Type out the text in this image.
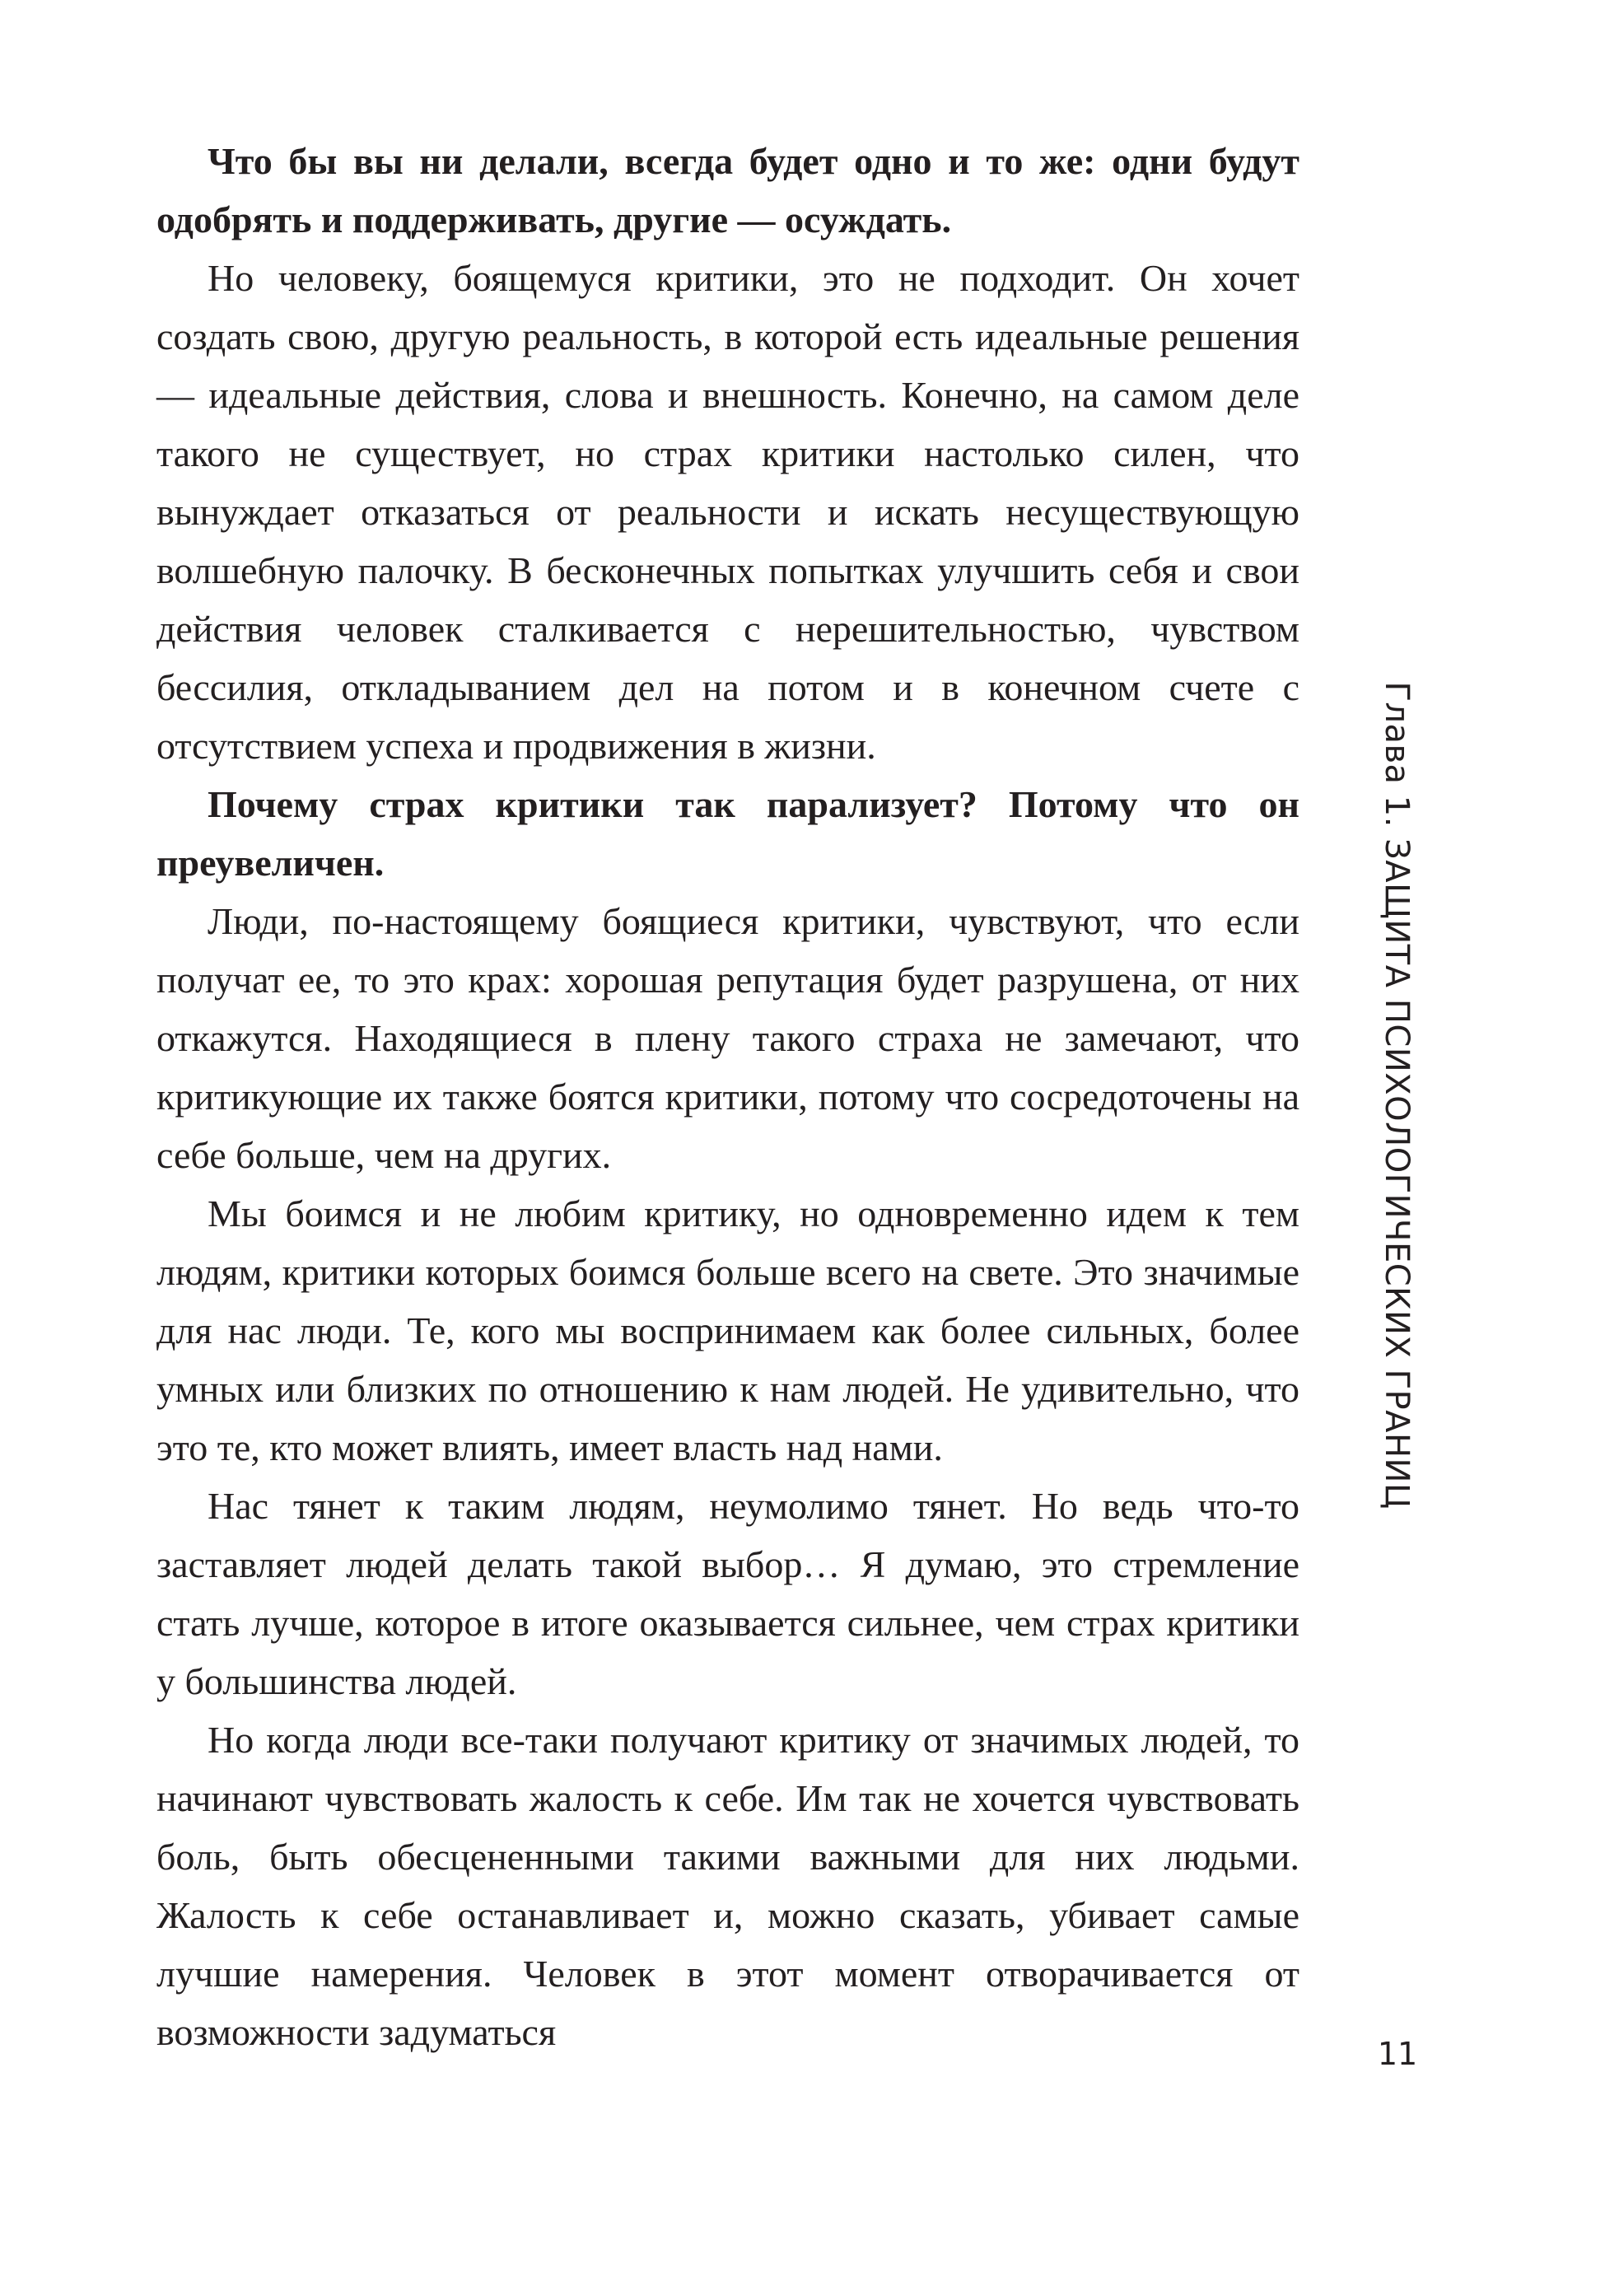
Что бы вы ни делали, всегда будет одно и то же: одни будут одобрять и поддерживать, другие — осуждать.

Но человеку, боящемуся критики, это не подходит. Он хочет создать свою, другую реальность, в которой есть идеальные решения — идеальные действия, слова и внешность. Конечно, на самом деле такого не существует, но страх критики настолько силен, что вынуждает отказаться от реальности и искать несуществующую волшебную палочку. В бесконечных попытках улучшить себя и свои действия человек сталкивается с нерешительностью, чувством бессилия, откладыванием дел на потом и в конечном счете с отсутствием успеха и продвижения в жизни.

Почему страх критики так парализует? Потому что он преувеличен.

Люди, по-настоящему боящиеся критики, чувствуют, что если получат ее, то это крах: хорошая репутация будет разрушена, от них откажутся. Находящиеся в плену такого страха не замечают, что критикующие их также боятся критики, потому что сосредоточены на себе больше, чем на других.

Мы боимся и не любим критику, но одновременно идем к тем людям, критики которых боимся больше всего на свете. Это значимые для нас люди. Те, кого мы воспринимаем как более сильных, более умных или близких по отношению к нам людей. Не удивительно, что это те, кто может влиять, имеет власть над нами.

Нас тянет к таким людям, неумолимо тянет. Но ведь что-то заставляет людей делать такой выбор… Я думаю, это стремление стать лучше, которое в итоге оказывается сильнее, чем страх критики у большинства людей.

Но когда люди все-таки получают критику от значимых людей, то начинают чувствовать жалость к себе. Им так не хочется чувствовать боль, быть обесцененными такими важными для них людьми. Жалость к себе останавливает и, можно сказать, убивает самые лучшие намерения. Человек в этот момент отворачивается от возможности задуматься

Глава 1. ЗАЩИТА ПСИХОЛОГИЧЕСКИХ ГРАНИЦ
11
